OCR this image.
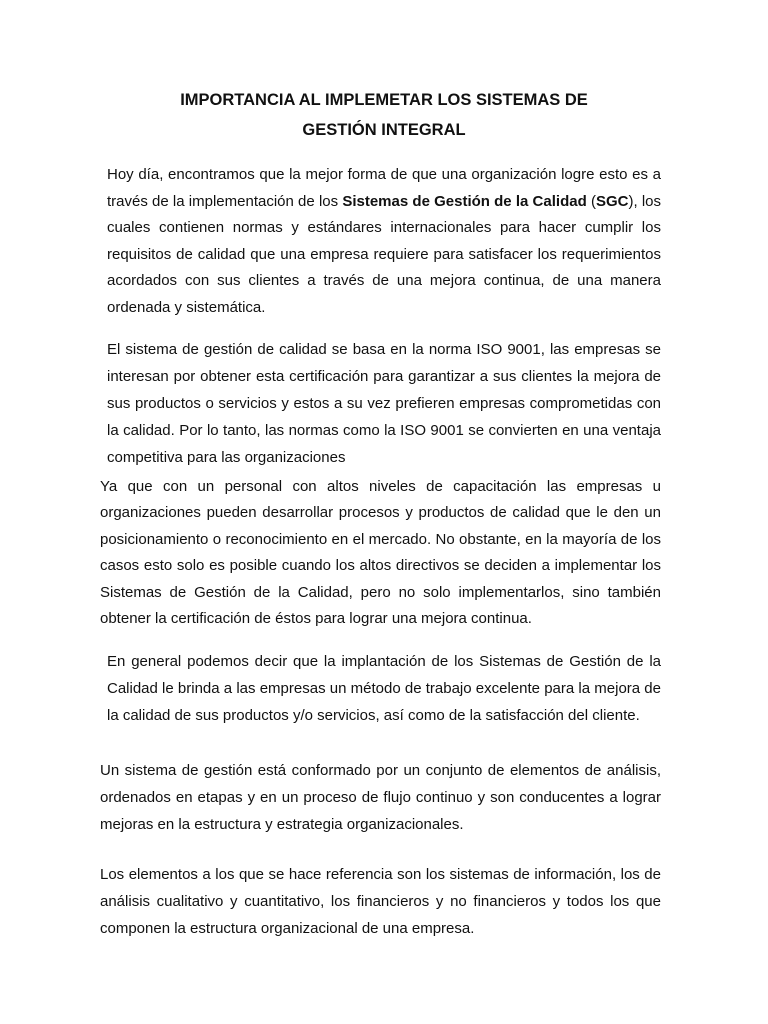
IMPORTANCIA AL IMPLEMETAR LOS SISTEMAS DE
GESTIÓN INTEGRAL

Hoy día, encontramos que la mejor forma de que una organización logre esto es a través de la implementación de los Sistemas de Gestión de la Calidad (SGC), los cuales contienen normas y estándares internacionales para hacer cumplir los requisitos de calidad que una empresa requiere para satisfacer los requerimientos acordados con sus clientes a través de una mejora continua, de una manera ordenada y sistemática.

El sistema de gestión de calidad se basa en la norma ISO 9001, las empresas se interesan por obtener esta certificación para garantizar a sus clientes la mejora de sus productos o servicios y estos a su vez prefieren empresas comprometidas con la calidad. Por lo tanto, las normas como la ISO 9001 se convierten en una ventaja competitiva para las organizaciones

Ya que con un personal con altos niveles de capacitación las empresas u organizaciones pueden desarrollar procesos y productos de calidad que le den un posicionamiento o reconocimiento en el mercado. No obstante, en la mayoría de los casos esto solo es posible cuando los altos directivos se deciden a implementar los Sistemas de Gestión de la Calidad, pero no solo implementarlos, sino también obtener la certificación de éstos para lograr una mejora continua.

En general podemos decir que la implantación de los Sistemas de Gestión de la Calidad le brinda a las empresas un método de trabajo excelente para la mejora de la calidad de sus productos y/o servicios, así como de la satisfacción del cliente.

Un sistema de gestión está conformado por un conjunto de elementos de análisis, ordenados en etapas y en un proceso de flujo continuo y son conducentes a lograr mejoras en la estructura y estrategia organizacionales.

Los elementos a los que se hace referencia son los sistemas de información, los de análisis cualitativo y cuantitativo, los financieros y no financieros y todos los que componen la estructura organizacional de una empresa.
